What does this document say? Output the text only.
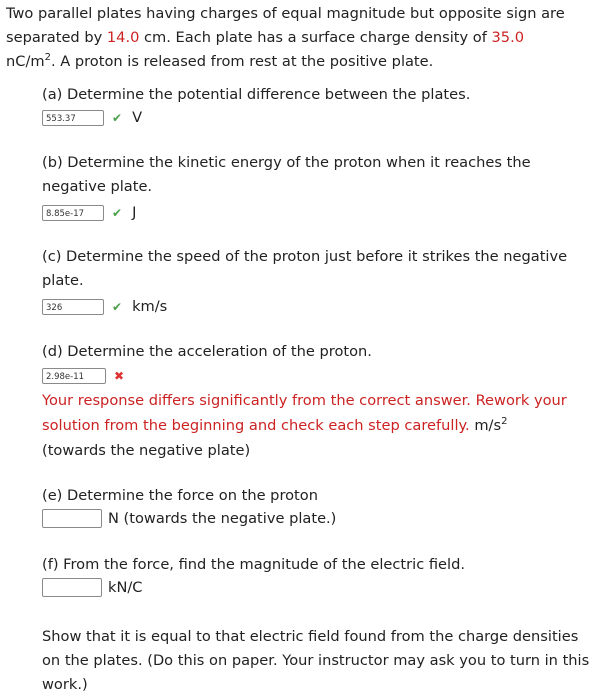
Two parallel plates having charges of equal magnitude but opposite sign are separated by 14.0 cm. Each plate has a surface charge density of 35.0
$nC/m^2$. A proton is released from rest at the positive plate.
(a) Determine the potential difference between the plates.
553.37	✔ V
(b) Determine the kinetic energy of the proton when it reaches the negative plate.
8.85e-17	✔ J
(c) Determine the speed of the proton just before it strikes the negative plate.
326	✔ km/s
(d) Determine the acceleration of the proton.
2.98e-11	✖
Your response differs significantly from the correct answer. Rework your solution from the beginning and check each step carefully. $m/s^2$
(towards the negative plate)
(e) Determine the force on the proton
N (towards the negative plate.)
(f) From the force, find the magnitude of the electric field.
kN/C
Show that it is equal to that electric field found from the charge densities on the plates. (Do this on paper. Your instructor may ask you to turn in this work.)
